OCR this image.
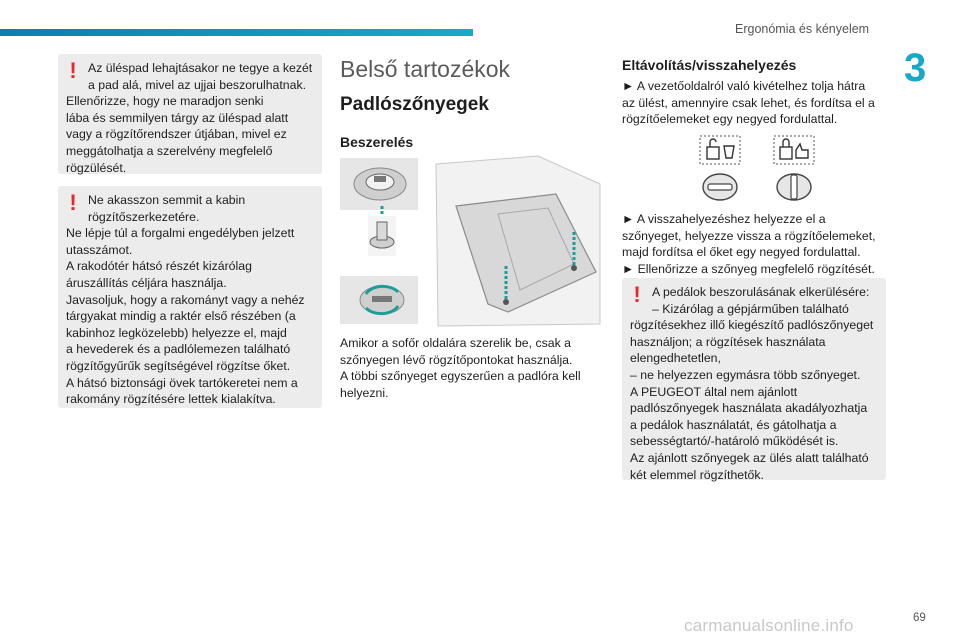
Ergonómia és kényelem
3
! Az üléspad lehajtásakor ne tegye a kezét

a pad alá, mivel az ujjai beszorulhatnak.

Ellenőrizze, hogy ne maradjon senki

lába és semmilyen tárgy az üléspad alatt

vagy a rögzítőrendszer útjában, mivel ez

meggátolhatja a szerelvény megfelelő

rögzülését.

! Ne akasszon semmit a kabin

rögzítőszerkezetére.

Ne lépje túl a forgalmi engedélyben jelzett

utasszámot.

A rakodótér hátsó részét kizárólag

áruszállítás céljára használja.

Javasoljuk, hogy a rakományt vagy a nehéz

tárgyakat mindig a raktér első részében (a

kabinhoz legközelebb) helyezze el, majd

a hevederek és a padlólemezen található

rögzítőgyűrűk segítségével rögzítse őket.

A hátsó biztonsági övek tartókeretei nem a

rakomány rögzítésére lettek kialakítva.

Belső tartozékok
Padlószőnyegek
Beszerelés

Amikor a sofőr oldalára szerelik be, csak a

szőnyegen lévő rögzítőpontokat használja.

A többi szőnyeget egyszerűen a padlóra kell

helyezni.

Eltávolítás/visszahelyezés

► A vezetőoldalról való kivételhez tolja hátra

az ülést, amennyire csak lehet, és fordítsa el a

rögzítőelemeket egy negyed fordulattal.

► A visszahelyezéshez helyezze el a

szőnyeget, helyezze vissza a rögzítőelemeket,

majd fordítsa el őket egy negyed fordulattal.

► Ellenőrizze a szőnyeg megfelelő rögzítését.

! A pedálok beszorulásának elkerülésére:

– Kizárólag a gépjárműben található

rögzítésekhez illő kiegészítő padlószőnyeget

használjon; a rögzítések használata

elengedhetetlen,

– ne helyezzen egymásra több szőnyeget.

A PEUGEOT által nem ajánlott

padlószőnyegek használata akadályozhatja

a pedálok használatát, és gátolhatja a

sebességtartó/-határoló működését is.

Az ajánlott szőnyegek az ülés alatt található

két elemmel rögzíthetők.

carmanualsonline.info	69
